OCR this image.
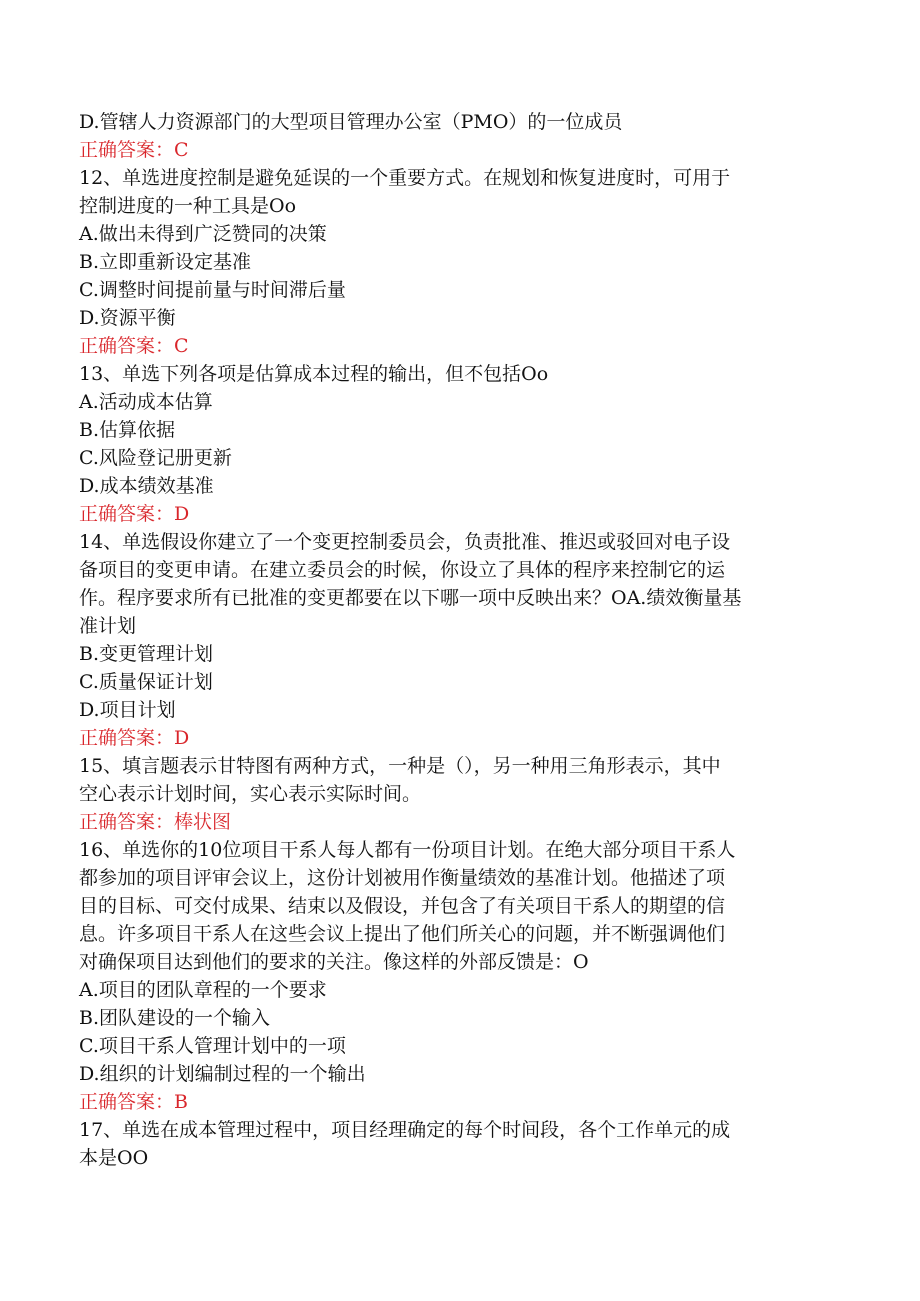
D.管辖人力资源部门的大型项目管理办公室（PMO）的一位成员
正确答案：C
12、单选进度控制是避免延误的一个重要方式。在规划和恢复进度时，可用于
控制进度的一种工具是Oo
A.做出未得到广泛赞同的决策
B.立即重新设定基准
C.调整时间提前量与时间滞后量
D.资源平衡
正确答案：C
13、单选下列各项是估算成本过程的输出，但不包括Oo
A.活动成本估算
B.估算依据
C.风险登记册更新
D.成本绩效基准
正确答案：D
14、单选假设你建立了一个变更控制委员会，负责批准、推迟或驳回对电子设
备项目的变更申请。在建立委员会的时候，你设立了具体的程序来控制它的运
作。程序要求所有已批准的变更都要在以下哪一项中反映出来？OA.绩效衡量基
准计划
B.变更管理计划
C.质量保证计划
D.项目计划
正确答案：D
15、填言题表示甘特图有两种方式，一种是（），另一种用三角形表示，其中
空心表示计划时间，实心表示实际时间。
正确答案：棒状图
16、单选你的10位项目干系人每人都有一份项目计划。在绝大部分项目干系人
都参加的项目评审会议上，这份计划被用作衡量绩效的基准计划。他描述了项
目的目标、可交付成果、结束以及假设，并包含了有关项目干系人的期望的信
息。许多项目干系人在这些会议上提出了他们所关心的问题，并不断强调他们
对确保项目达到他们的要求的关注。像这样的外部反馈是：O
A.项目的团队章程的一个要求
B.团队建设的一个输入
C.项目干系人管理计划中的一项
D.组织的计划编制过程的一个输出
正确答案：B
17、单选在成本管理过程中，项目经理确定的每个时间段，各个工作单元的成
本是OO
